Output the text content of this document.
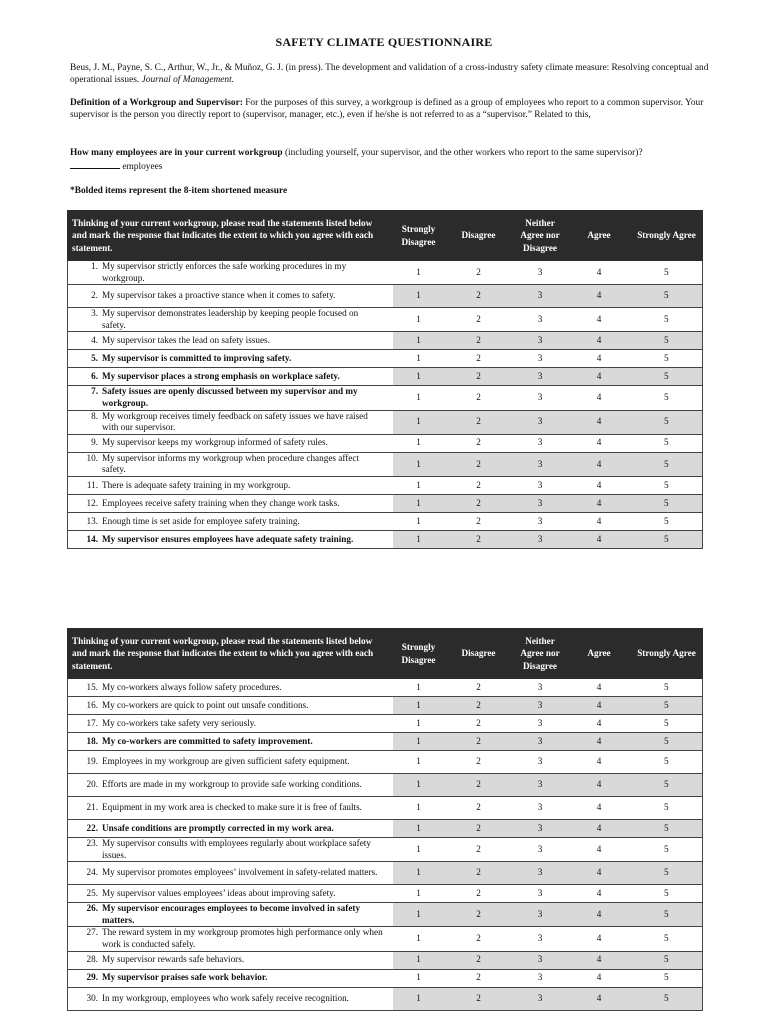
SAFETY CLIMATE QUESTIONNAIRE
Beus, J. M., Payne, S. C., Arthur, W., Jr., & Muñoz, G. J. (in press). The development and validation of a cross-industry safety climate measure: Resolving conceptual and operational issues. Journal of Management.
Definition of a Workgroup and Supervisor: For the purposes of this survey, a workgroup is defined as a group of employees who report to a common supervisor. Your supervisor is the person you directly report to (supervisor, manager, etc.), even if he/she is not referred to as a “supervisor.” Related to this,
How many employees are in your current workgroup (including yourself, your supervisor, and the other workers who report to the same supervisor)?
employees
*Bolded items represent the 8-item shortened measure
Thinking of your current workgroup, please read the statements listed below and mark the response that indicates the extent to which you agree with each statement.	Strongly Disagree	Disagree	Neither Agree nor Disagree	Agree	Strongly Agree

1. My supervisor strictly enforces the safe working procedures in my workgroup.	1	2	3	4	5

2. My supervisor takes a proactive stance when it comes to safety.	1	2	3	4	5

3. My supervisor demonstrates leadership by keeping people focused on safety.	1	2	3	4	5

4. My supervisor takes the lead on safety issues.	1	2	3	4	5

5. My supervisor is committed to improving safety.	1	2	3	4	5

6. My supervisor places a strong emphasis on workplace safety.	1	2	3	4	5

7. Safety issues are openly discussed between my supervisor and my workgroup.	1	2	3	4	5

8. My workgroup receives timely feedback on safety issues we have raised with our supervisor.	1	2	3	4	5

9. My supervisor keeps my workgroup informed of safety rules.	1	2	3	4	5

10. My supervisor informs my workgroup when procedure changes affect safety.	1	2	3	4	5

11. There is adequate safety training in my workgroup.	1	2	3	4	5

12. Employees receive safety training when they change work tasks.	1	2	3	4	5

13. Enough time is set aside for employee safety training.	1	2	3	4	5

14. My supervisor ensures employees have adequate safety training.	1	2	3	4	5
Thinking of your current workgroup, please read the statements listed below and mark the response that indicates the extent to which you agree with each statement.	Strongly Disagree	Disagree	Neither Agree nor Disagree	Agree	Strongly Agree

15. My co-workers always follow safety procedures.	1	2	3	4	5

16. My co-workers are quick to point out unsafe conditions.	1	2	3	4	5

17. My co-workers take safety very seriously.	1	2	3	4	5

18. My co-workers are committed to safety improvement.	1	2	3	4	5

19. Employees in my workgroup are given sufficient safety equipment.	1	2	3	4	5

20. Efforts are made in my workgroup to provide safe working conditions.	1	2	3	4	5

21. Equipment in my work area is checked to make sure it is free of faults.	1	2	3	4	5

22. Unsafe conditions are promptly corrected in my work area.	1	2	3	4	5

23. My supervisor consults with employees regularly about workplace safety issues.	1	2	3	4	5

24. My supervisor promotes employees’ involvement in safety-related matters.	1	2	3	4	5

25. My supervisor values employees’ ideas about improving safety.	1	2	3	4	5

26. My supervisor encourages employees to become involved in safety matters.	1	2	3	4	5

27. The reward system in my workgroup promotes high performance only when work is conducted safely.	1	2	3	4	5

28. My supervisor rewards safe behaviors.	1	2	3	4	5

29. My supervisor praises safe work behavior.	1	2	3	4	5

30. In my workgroup, employees who work safely receive recognition.	1	2	3	4	5
